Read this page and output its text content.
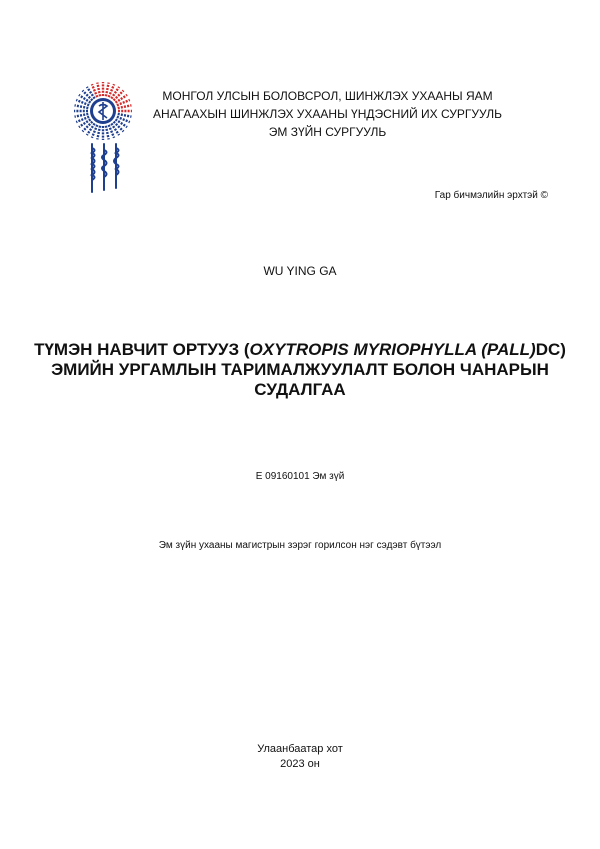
МОНГОЛ УЛСЫН БОЛОВСРОЛ, ШИНЖЛЭХ УХААНЫ ЯАМ
АНАГААХЫН ШИНЖЛЭХ УХААНЫ ҮНДЭСНИЙ ИХ СУРГУУЛЬ
ЭМ ЗҮЙН СУРГУУЛЬ
Гар бичмэлийн эрхтэй ©
WU YING GA
ТҮМЭН НАВЧИТ ОРТУУЗ (OXYTROPIS MYRIOPHYLLA (PALL)DC)
ЭМИЙН УРГАМЛЫН ТАРИМАЛЖУУЛАЛТ БОЛОН ЧАНАРЫН
СУДАЛГАА
E 09160101 Эм зүй
Эм зүйн ухааны магистрын зэрэг горилсон нэг сэдэвт бүтээл
Улаанбаатар хот
2023 он
